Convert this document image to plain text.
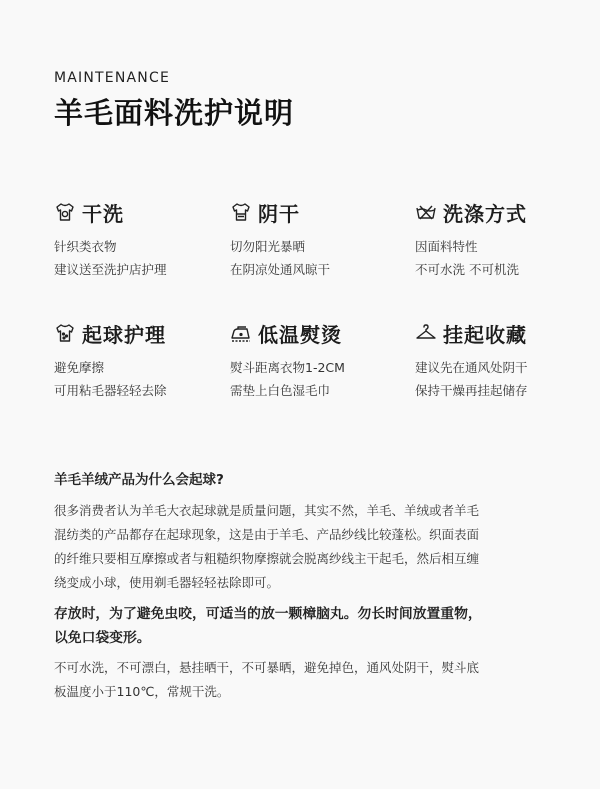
MAINTENANCE
羊毛面料洗护说明
干洗
针织类衣物
建议送至洗护店护理
阴干
切勿阳光暴晒
在阴凉处通风晾干
洗涤方式
因面料特性
不可水洗 不可机洗
起球护理
避免摩擦
可用粘毛器轻轻去除
低温熨烫
熨斗距离衣物1-2CM
需垫上白色湿毛巾
挂起收藏
建议先在通风处阴干
保持干燥再挂起储存
羊毛羊绒产品为什么会起球?
很多消费者认为羊毛大衣起球就是质量问题，其实不然，羊毛、羊绒或者羊毛
混纺类的产品都存在起球现象，这是由于羊毛、产品纱线比较蓬松。织面表面
的纤维只要相互摩擦或者与粗糙织物摩擦就会脱离纱线主干起毛，然后相互缠
绕变成小球，使用剃毛器轻轻祛除即可。
存放时，为了避免虫咬，可适当的放一颗樟脑丸。勿长时间放置重物，
以免口袋变形。
不可水洗，不可漂白，悬挂晒干，不可暴晒，避免掉色，通风处阴干，熨斗底
板温度小于110℃，常规干洗。
